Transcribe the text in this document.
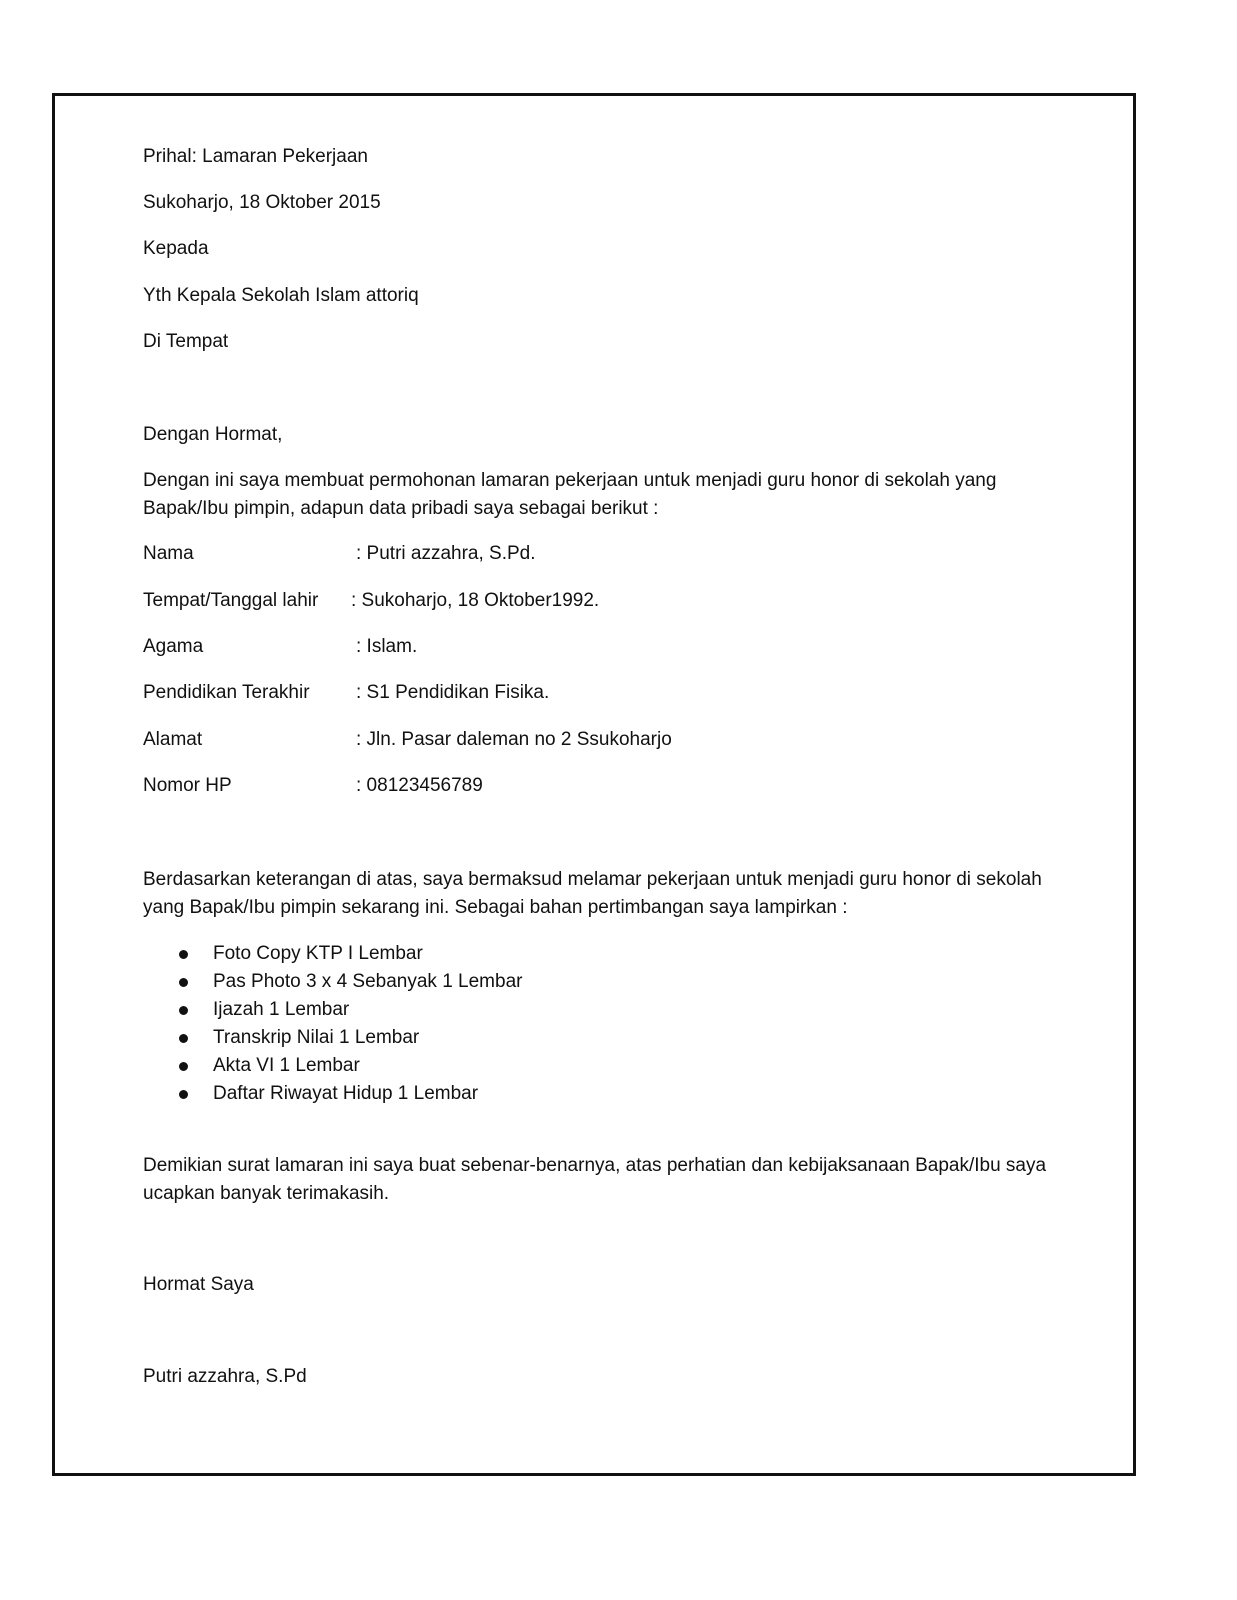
Prihal: Lamaran Pekerjaan
Sukoharjo, 18 Oktober 2015
Kepada
Yth Kepala Sekolah Islam attoriq
Di Tempat
Dengan Hormat,
Dengan ini saya membuat permohonan lamaran pekerjaan untuk menjadi guru honor di sekolah yang Bapak/Ibu pimpin, adapun data pribadi saya sebagai berikut :
Nama	: Putri azzahra, S.Pd.
Tempat/Tanggal lahir : Sukoharjo, 18 Oktober1992.
Agama	: Islam.
Pendidikan Terakhir : S1 Pendidikan Fisika.
Alamat	: Jln. Pasar daleman no 2 Ssukoharjo
Nomor HP	: 08123456789
Berdasarkan keterangan di atas, saya bermaksud melamar pekerjaan untuk menjadi guru honor di sekolah yang Bapak/Ibu pimpin sekarang ini. Sebagai bahan pertimbangan saya lampirkan :
Foto Copy KTP I Lembar
Pas Photo 3 x 4 Sebanyak 1 Lembar
Ijazah 1 Lembar
Transkrip Nilai 1 Lembar
Akta VI 1 Lembar
Daftar Riwayat Hidup 1 Lembar
Demikian surat lamaran ini saya buat sebenar-benarnya, atas perhatian dan kebijaksanaan Bapak/Ibu saya ucapkan banyak terimakasih.
Hormat Saya
Putri azzahra, S.Pd
